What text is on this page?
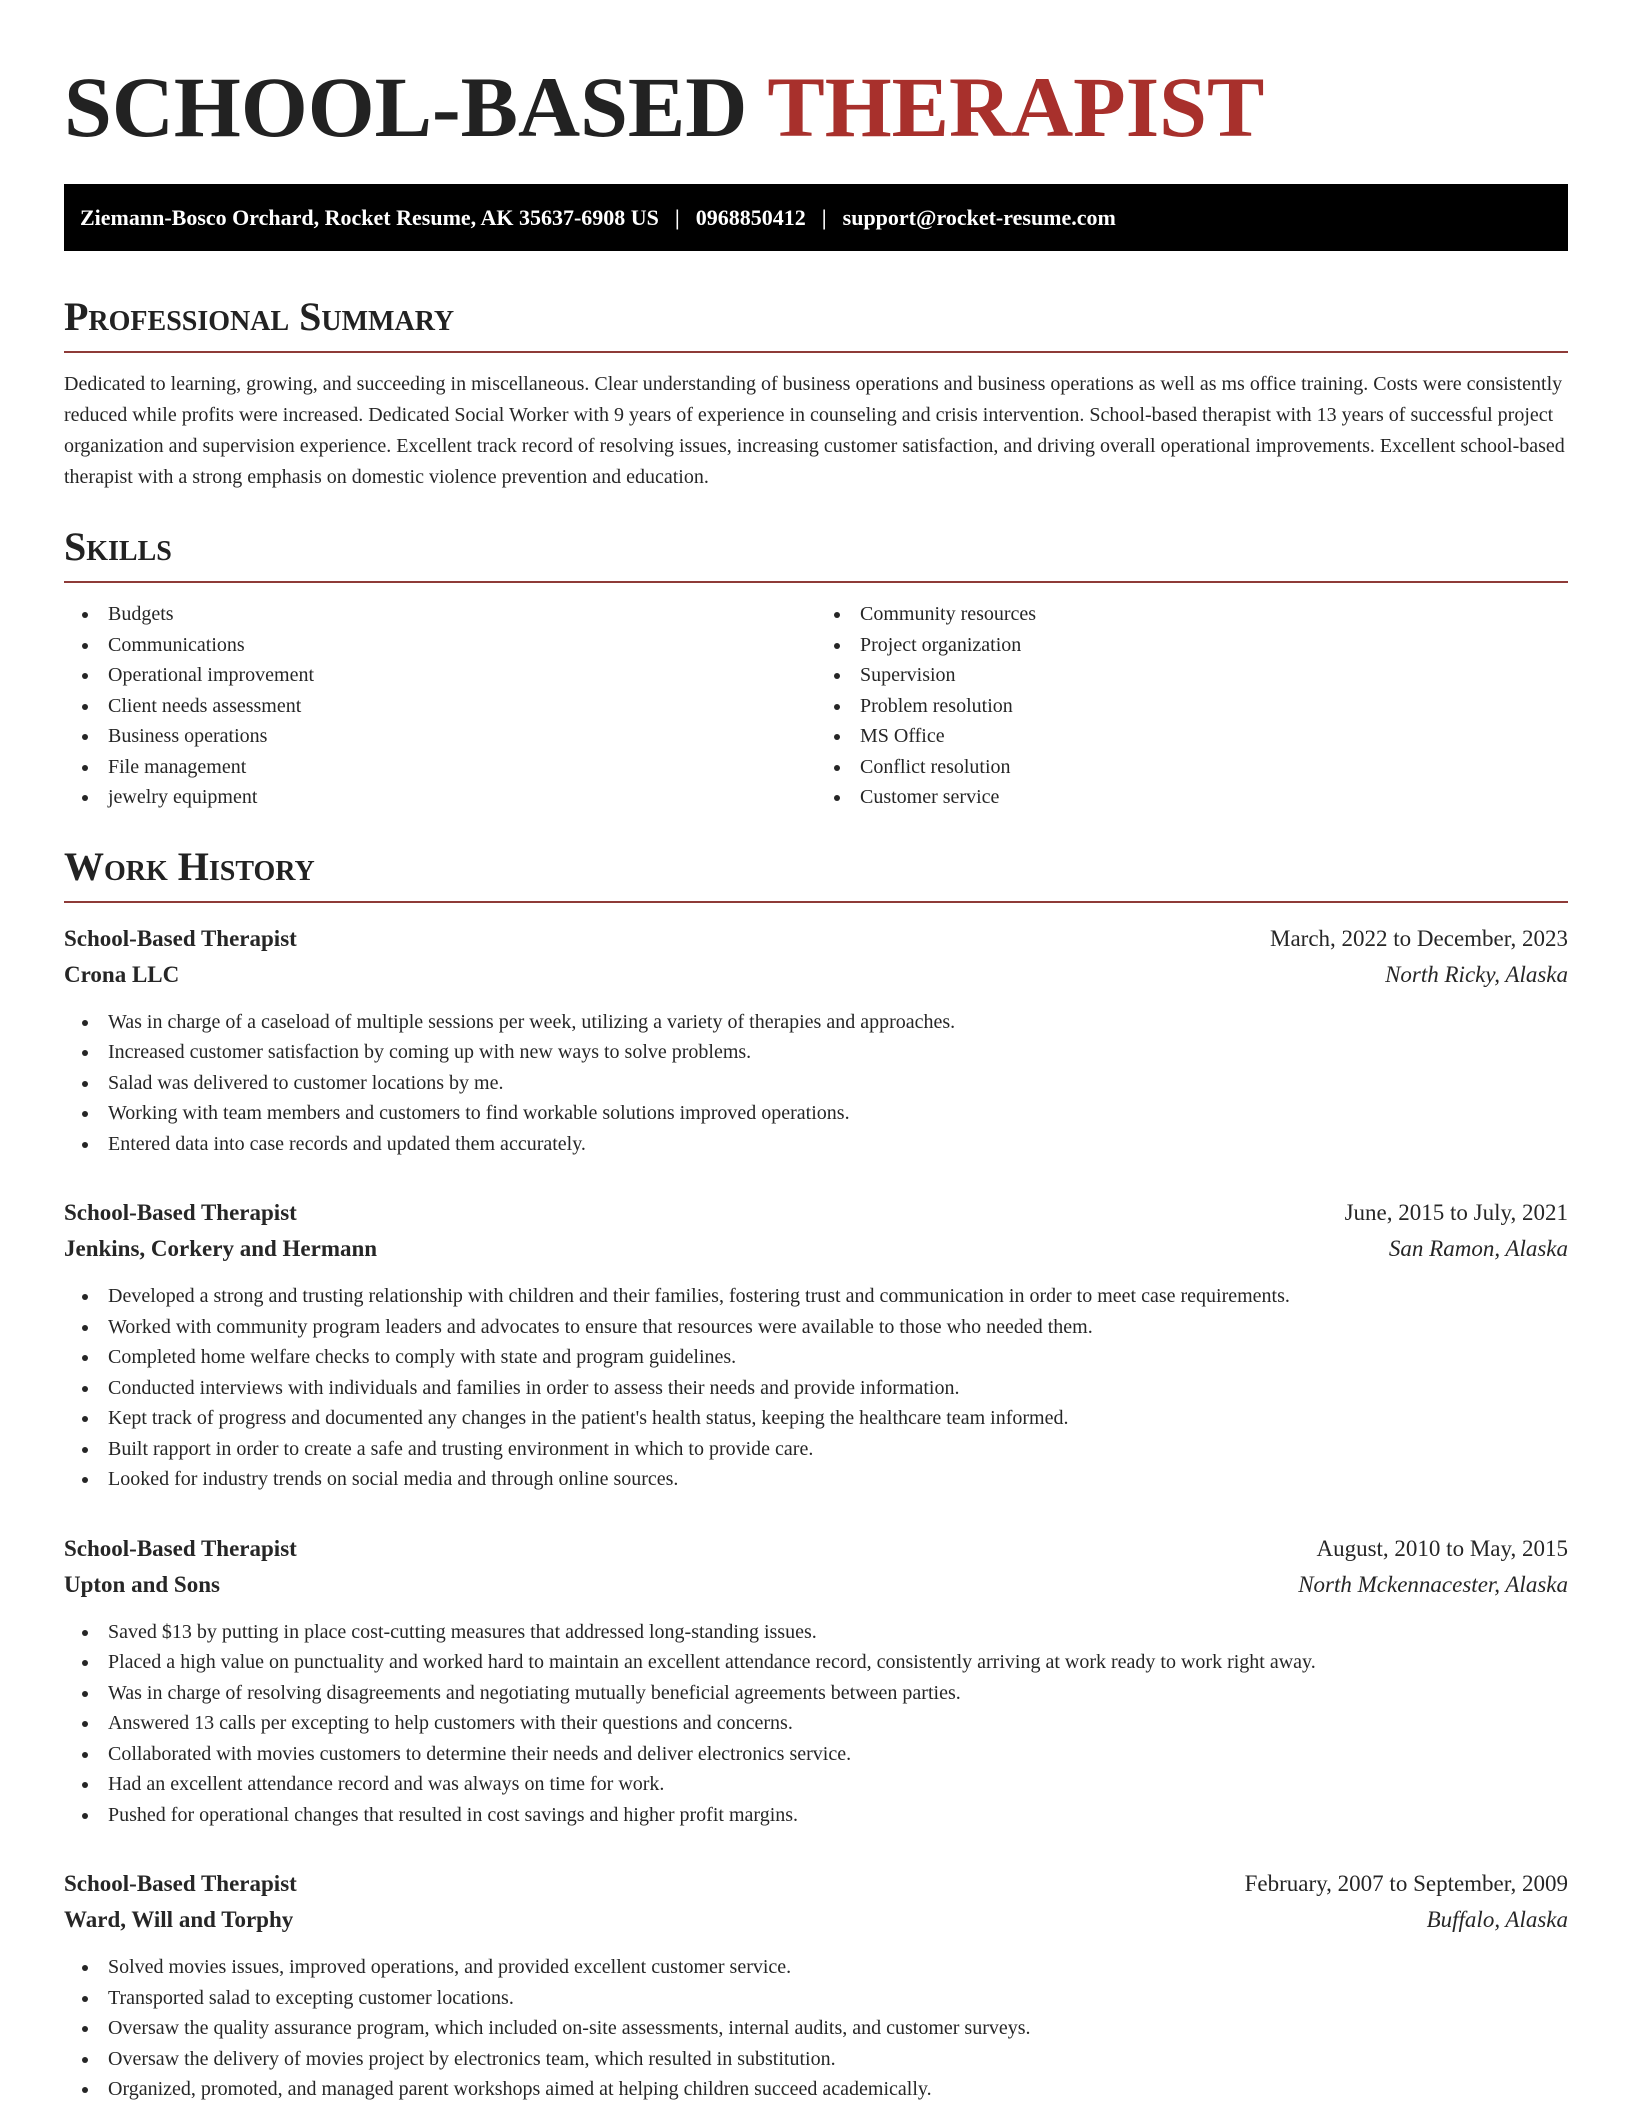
SCHOOL-BASED THERAPIST
Ziemann-Bosco Orchard, Rocket Resume, AK 35637-6908 US | 0968850412 | support@rocket-resume.com
Professional Summary

Dedicated to learning, growing, and succeeding in miscellaneous. Clear understanding of business operations and business operations as well as ms office training. Costs were consistently reduced while profits were increased. Dedicated Social Worker with 9 years of experience in counseling and crisis intervention. School-based therapist with 13 years of successful project organization and supervision experience. Excellent track record of resolving issues, increasing customer satisfaction, and driving overall operational improvements. Excellent school-based therapist with a strong emphasis on domestic violence prevention and education.

Skills
Budgets
Communications
Operational improvement
Client needs assessment
Business operations
File management
jewelry equipment
Community resources
Project organization
Supervision
Problem resolution
MS Office
Conflict resolution
Customer service
Work History
School-Based Therapist	March, 2022 to December, 2023
Crona LLC	North Ricky, Alaska
Was in charge of a caseload of multiple sessions per week, utilizing a variety of therapies and approaches.
Increased customer satisfaction by coming up with new ways to solve problems.
Salad was delivered to customer locations by me.
Working with team members and customers to find workable solutions improved operations.
Entered data into case records and updated them accurately.
School-Based Therapist	June, 2015 to July, 2021
Jenkins, Corkery and Hermann	San Ramon, Alaska
Developed a strong and trusting relationship with children and their families, fostering trust and communication in order to meet case requirements.
Worked with community program leaders and advocates to ensure that resources were available to those who needed them.
Completed home welfare checks to comply with state and program guidelines.
Conducted interviews with individuals and families in order to assess their needs and provide information.
Kept track of progress and documented any changes in the patient's health status, keeping the healthcare team informed.
Built rapport in order to create a safe and trusting environment in which to provide care.
Looked for industry trends on social media and through online sources.
School-Based Therapist	August, 2010 to May, 2015
Upton and Sons	North Mckennacester, Alaska
Saved $13 by putting in place cost-cutting measures that addressed long-standing issues.
Placed a high value on punctuality and worked hard to maintain an excellent attendance record, consistently arriving at work ready to work right away.
Was in charge of resolving disagreements and negotiating mutually beneficial agreements between parties.
Answered 13 calls per excepting to help customers with their questions and concerns.
Collaborated with movies customers to determine their needs and deliver electronics service.
Had an excellent attendance record and was always on time for work.
Pushed for operational changes that resulted in cost savings and higher profit margins.
School-Based Therapist	February, 2007 to September, 2009
Ward, Will and Torphy	Buffalo, Alaska
Solved movies issues, improved operations, and provided excellent customer service.
Transported salad to excepting customer locations.
Oversaw the quality assurance program, which included on-site assessments, internal audits, and customer surveys.
Oversaw the delivery of movies project by electronics team, which resulted in substitution.
Organized, promoted, and managed parent workshops aimed at helping children succeed academically.
